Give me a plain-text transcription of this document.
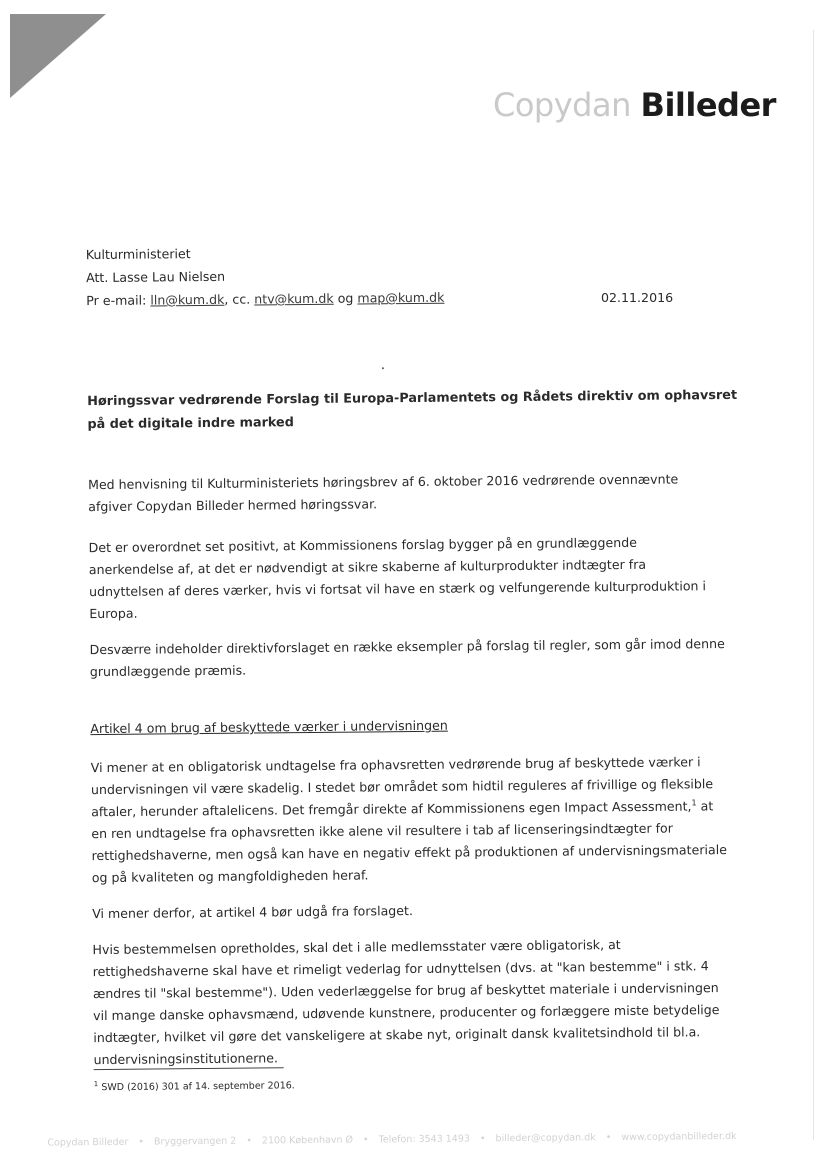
Copydan Billeder
Kulturministeriet
Att. Lasse Lau Nielsen
Pr e-mail: lln@kum.dk, cc. ntv@kum.dk og map@kum.dk
Høringssvar vedrørende Forslag til Europa-Parlamentets og Rådets direktiv om ophavsret
på det digitale indre marked
Med henvisning til Kulturministeriets høringsbrev af 6. oktober 2016 vedrørende ovennævnte
afgiver Copydan Billeder hermed høringssvar.
Det er overordnet set positivt, at Kommissionens forslag bygger på en grundlæggende
anerkendelse af, at det er nødvendigt at sikre skaberne af kulturprodukter indtægter fra
udnyttelsen af deres værker, hvis vi fortsat vil have en stærk og velfungerende kulturproduktion i
Europa.
Desværre indeholder direktivforslaget en række eksempler på forslag til regler, som går imod denne
grundlæggende præmis.
Artikel 4 om brug af beskyttede værker i undervisningen
Vi mener at en obligatorisk undtagelse fra ophavsretten vedrørende brug af beskyttede værker i
undervisningen vil være skadelig. I stedet bør området som hidtil reguleres af frivillige og fleksible
aftaler, herunder aftalelicens. Det fremgår direkte af Kommissionens egen Impact Assessment,$^1$ at
en ren undtagelse fra ophavsretten ikke alene vil resultere i tab af licenseringsindtægter for
rettighedshaverne, men også kan have en negativ effekt på produktionen af undervisningsmateriale
og på kvaliteten og mangfoldigheden heraf.
Vi mener derfor, at artikel 4 bør udgå fra forslaget.
Hvis bestemmelsen opretholdes, skal det i alle medlemsstater være obligatorisk, at
rettighedshaverne skal have et rimeligt vederlag for udnyttelsen (dvs. at "kan bestemme" i stk. 4
ændres til "skal bestemme"). Uden vederlæggelse for brug af beskyttet materiale i undervisningen
vil mange danske ophavsmænd, udøvende kunstnere, producenter og forlæggere miste betydelige
indtægter, hvilket vil gøre det vanskeligere at skabe nyt, originalt dansk kvalitetsindhold til bl.a.
undervisningsinstitutionerne.
$^1$ SWD (2016) 301 af 14. september 2016.
Copydan Billeder • Bryggervangen 2 • 2100 København Ø • Telefon: 3543 1493 • billeder@copydan.dk • www.copydanbilleder.dk
02.11.2016
